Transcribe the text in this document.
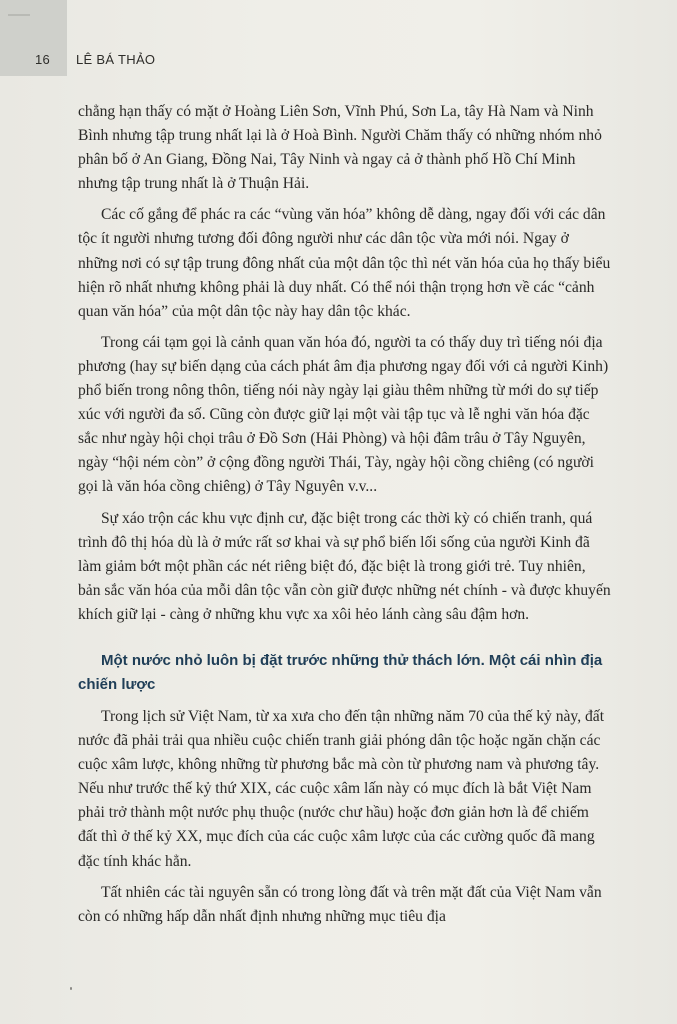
16 LÊ BÁ THẢO

chẳng hạn thấy có mặt ở Hoàng Liên Sơn, Vĩnh Phú, Sơn La, tây Hà Nam và Ninh Bình nhưng tập trung nhất lại là ở Hoà Bình. Người Chăm thấy có những nhóm nhỏ phân bố ở An Giang, Đồng Nai, Tây Ninh và ngay cả ở thành phố Hồ Chí Minh nhưng tập trung nhất là ở Thuận Hải.

Các cố gắng để phác ra các “vùng văn hóa” không dễ dàng, ngay đối với các dân tộc ít người nhưng tương đối đông người như các dân tộc vừa mới nói. Ngay ở những nơi có sự tập trung đông nhất của một dân tộc thì nét văn hóa của họ thấy biểu hiện rõ nhất nhưng không phải là duy nhất. Có thể nói thận trọng hơn về các “cảnh quan văn hóa” của một dân tộc này hay dân tộc khác.

Trong cái tạm gọi là cảnh quan văn hóa đó, người ta có thấy duy trì tiếng nói địa phương (hay sự biến dạng của cách phát âm địa phương ngay đối với cả người Kinh) phổ biến trong nông thôn, tiếng nói này ngày lại giàu thêm những từ mới do sự tiếp xúc với người đa số. Cũng còn được giữ lại một vài tập tục và lễ nghi văn hóa đặc sắc như ngày hội chọi trâu ở Đồ Sơn (Hải Phòng) và hội đâm trâu ở Tây Nguyên, ngày “hội ném còn” ở cộng đồng người Thái, Tày, ngày hội cồng chiêng (có người gọi là văn hóa cồng chiêng) ở Tây Nguyên v.v...

Sự xáo trộn các khu vực định cư, đặc biệt trong các thời kỳ có chiến tranh, quá trình đô thị hóa dù là ở mức rất sơ khai và sự phổ biến lối sống của người Kinh đã làm giảm bớt một phần các nét riêng biệt đó, đặc biệt là trong giới trẻ. Tuy nhiên, bản sắc văn hóa của mỗi dân tộc vẫn còn giữ được những nét chính - và được khuyến khích giữ lại - càng ở những khu vực xa xôi hẻo lánh càng sâu đậm hơn.

Một nước nhỏ luôn bị đặt trước những thử thách lớn. Một cái nhìn địa chiến lược

Trong lịch sử Việt Nam, từ xa xưa cho đến tận những năm 70 của thế kỷ này, đất nước đã phải trải qua nhiều cuộc chiến tranh giải phóng dân tộc hoặc ngăn chặn các cuộc xâm lược, không những từ phương bắc mà còn từ phương nam và phương tây. Nếu như trước thế kỷ thứ XIX, các cuộc xâm lấn này có mục đích là bắt Việt Nam phải trở thành một nước phụ thuộc (nước chư hầu) hoặc đơn giản hơn là để chiếm đất thì ở thế kỷ XX, mục đích của các cuộc xâm lược của các cường quốc đã mang đặc tính khác hẳn.

Tất nhiên các tài nguyên sẵn có trong lòng đất và trên mặt đất của Việt Nam vẫn còn có những hấp dẫn nhất định nhưng những mục tiêu địa
